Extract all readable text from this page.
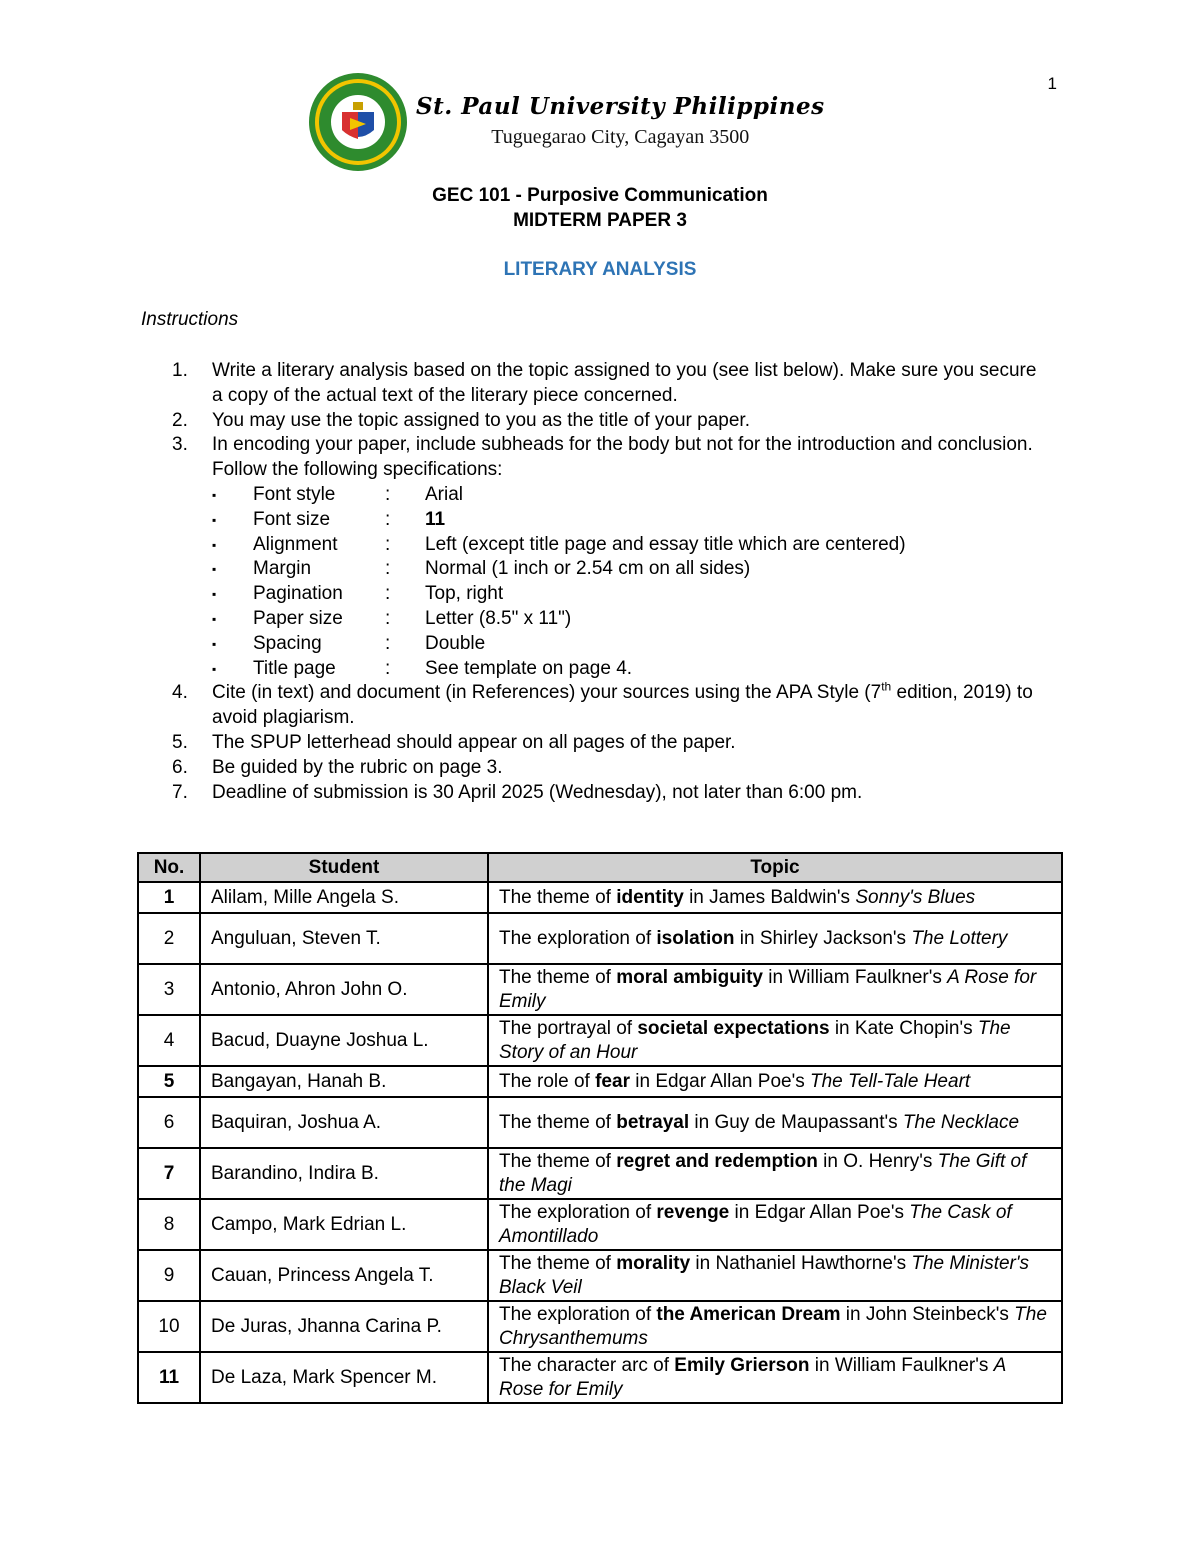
1
St. Paul University Philippines
Tuguegarao City, Cagayan 3500
GEC 101 - Purposive Communication
MIDTERM PAPER 3
LITERARY ANALYSIS
Instructions
1.	Write a literary analysis based on the topic assigned to you (see list below). Make sure you secure a copy of the actual text of the literary piece concerned.
2.	You may use the topic assigned to you as the title of your paper.
3.	In encoding your paper, include subheads for the body but not for the introduction and conclusion. Follow the following specifications:
▪	Font style	:	Arial
▪	Font size	:	11
▪	Alignment	:	Left (except title page and essay title which are centered)
▪	Margin	:	Normal (1 inch or 2.54 cm on all sides)
▪	Pagination	:	Top, right
▪	Paper size	:	Letter (8.5" x 11")
▪	Spacing	:	Double
▪	Title page	:	See template on page 4.
4.	Cite (in text) and document (in References) your sources using the APA Style (7th edition, 2019) to avoid plagiarism.
5.	The SPUP letterhead should appear on all pages of the paper.
6.	Be guided by the rubric on page 3.
7.	Deadline of submission is 30 April 2025 (Wednesday), not later than 6:00 pm.
No.	Student	Topic
1	Alilam, Mille Angela S.	The theme of identity in James Baldwin's Sonny's Blues
2	Anguluan, Steven T.	The exploration of isolation in Shirley Jackson's The Lottery
3	Antonio, Ahron John O.	The theme of moral ambiguity in William Faulkner's A Rose for Emily
4	Bacud, Duayne Joshua L.	The portrayal of societal expectations in Kate Chopin's The Story of an Hour
5	Bangayan, Hanah B.	The role of fear in Edgar Allan Poe's The Tell-Tale Heart
6	Baquiran, Joshua A.	The theme of betrayal in Guy de Maupassant's The Necklace
7	Barandino, Indira B.	The theme of regret and redemption in O. Henry's The Gift of the Magi
8	Campo, Mark Edrian L.	The exploration of revenge in Edgar Allan Poe's The Cask of Amontillado
9	Cauan, Princess Angela T.	The theme of morality in Nathaniel Hawthorne's The Minister's Black Veil
10	De Juras, Jhanna Carina P.	The exploration of the American Dream in John Steinbeck's The Chrysanthemums
11	De Laza, Mark Spencer M.	The character arc of Emily Grierson in William Faulkner's A Rose for Emily
